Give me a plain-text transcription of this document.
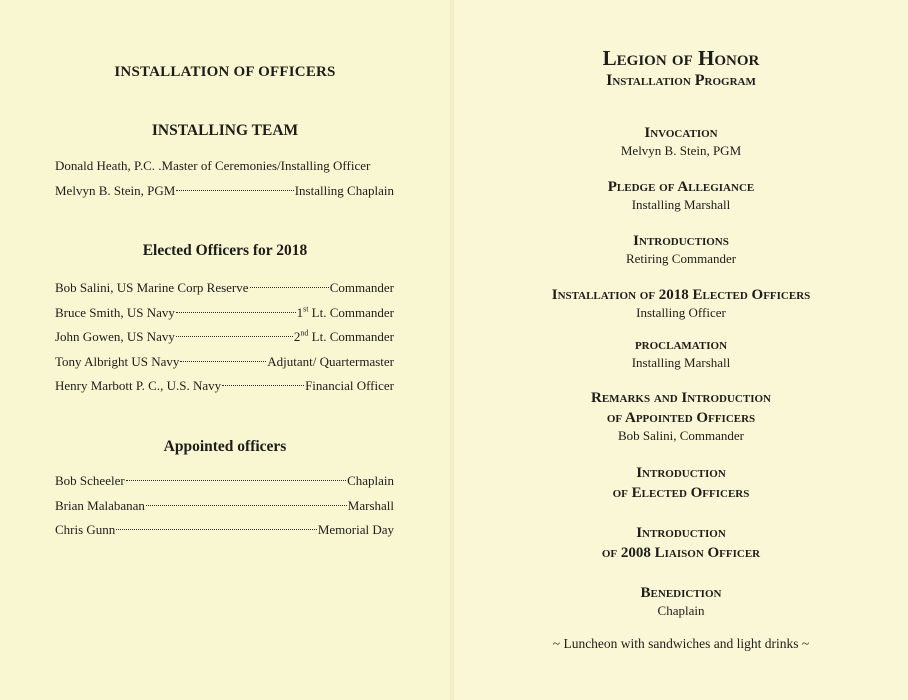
INSTALLATION OF OFFICERS
INSTALLING TEAM
Donald Heath, P.C. . Master of Ceremonies/Installing Officer
Melvyn B. Stein, PGM	Installing Chaplain
Elected Officers for 2018
Bob Salini, US Marine Corp Reserve	Commander
Bruce Smith, US Navy	1st Lt. Commander
John Gowen, US Navy	2nd Lt. Commander
Tony Albright US Navy	Adjutant/ Quartermaster
Henry Marbott P. C., U.S. Navy	Financial Officer
Appointed officers
Bob Scheeler	Chaplain
Brian Malabanan	Marshall
Chris Gunn	Memorial Day
Legion of Honor
Installation Program
Invocation
Melvyn B. Stein, PGM
Pledge of Allegiance
Installing Marshall
Introductions
Retiring Commander
Installation of 2018 Elected Officers
Installing Officer
proclamation
Installing Marshall
Remarks and Introduction
of Appointed Officers
Bob Salini, Commander
Introduction
of Elected Officers
Introduction
of 2008 Liaison Officer
Benediction
Chaplain
~ Luncheon with sandwiches and light drinks ~
